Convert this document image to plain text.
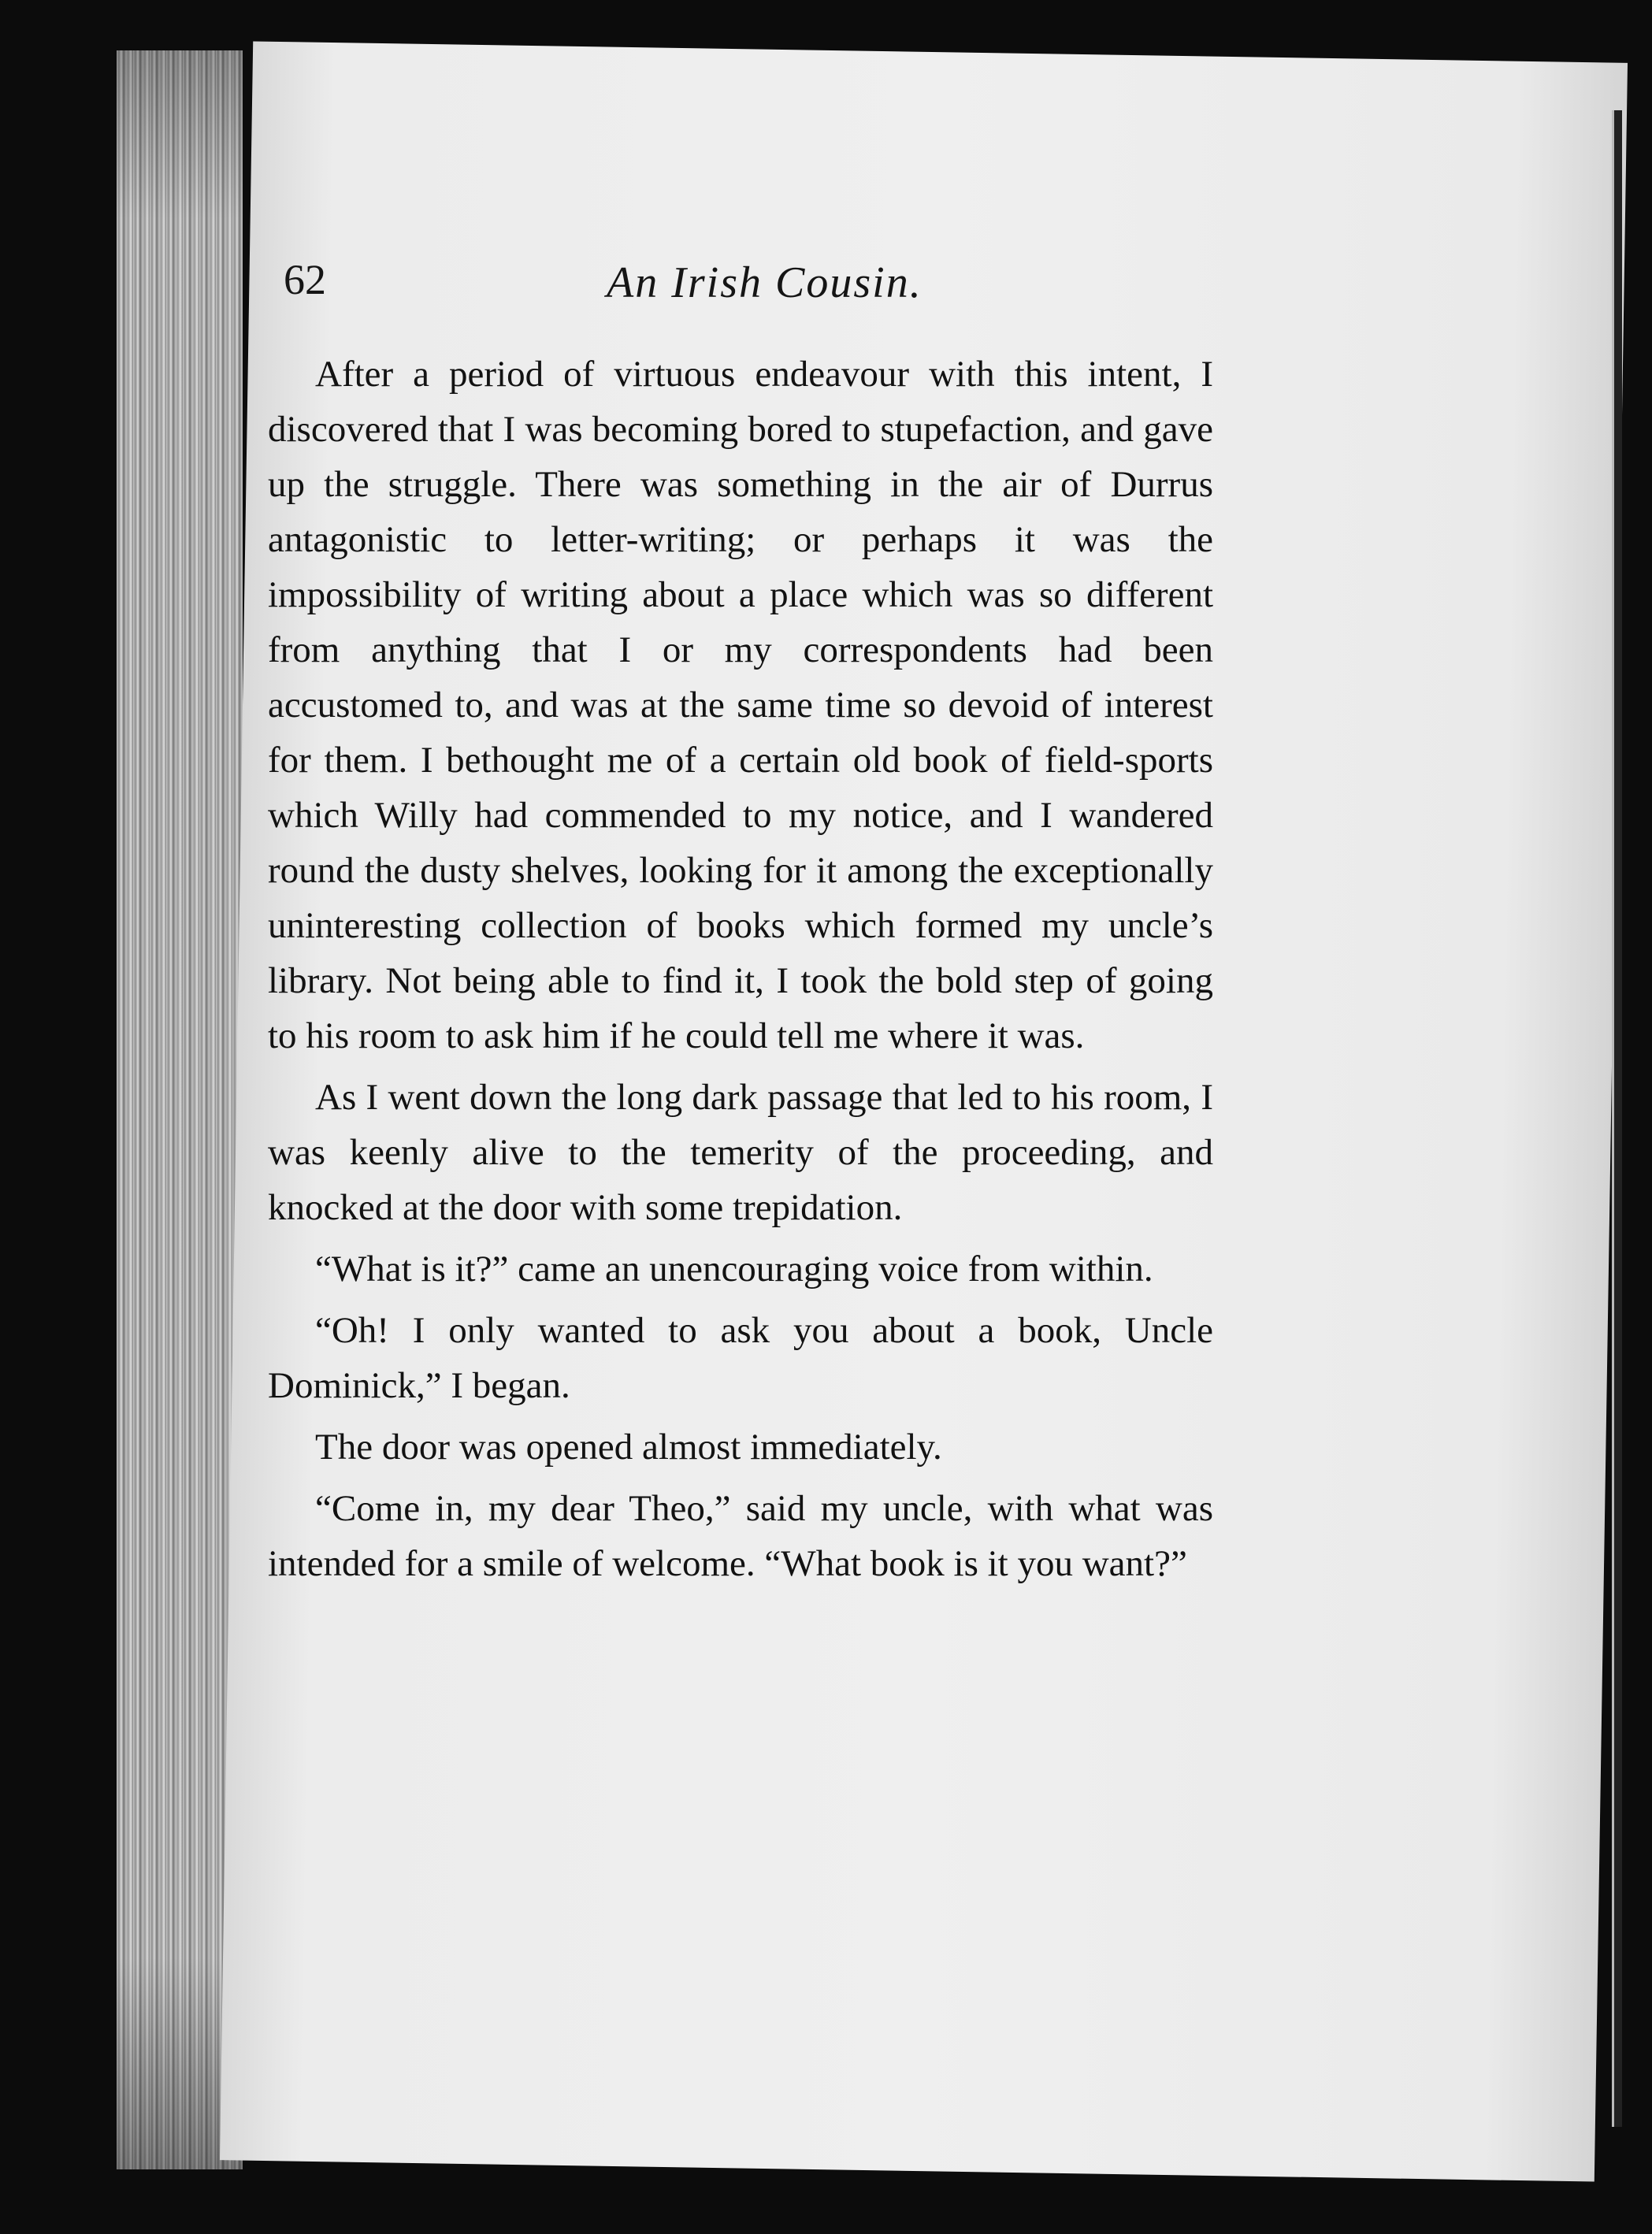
62	An Irish Cousin.

After a period of virtuous endeavour with this intent, I discovered that I was becoming bored to stupefaction, and gave up the struggle. There was something in the air of Durrus antagonistic to letter-writing; or perhaps it was the impossibility of writing about a place which was so different from anything that I or my correspondents had been accustomed to, and was at the same time so devoid of interest for them. I bethought me of a certain old book of field-sports which Willy had commended to my notice, and I wandered round the dusty shelves, looking for it among the exceptionally uninteresting collection of books which formed my uncle’s library. Not being able to find it, I took the bold step of going to his room to ask him if he could tell me where it was.

As I went down the long dark passage that led to his room, I was keenly alive to the temerity of the proceeding, and knocked at the door with some trepidation.

“What is it?” came an unencouraging voice from within.

“Oh! I only wanted to ask you about a book, Uncle Dominick,” I began.

The door was opened almost immediately.

“Come in, my dear Theo,” said my uncle, with what was intended for a smile of welcome. “What book is it you want?”
